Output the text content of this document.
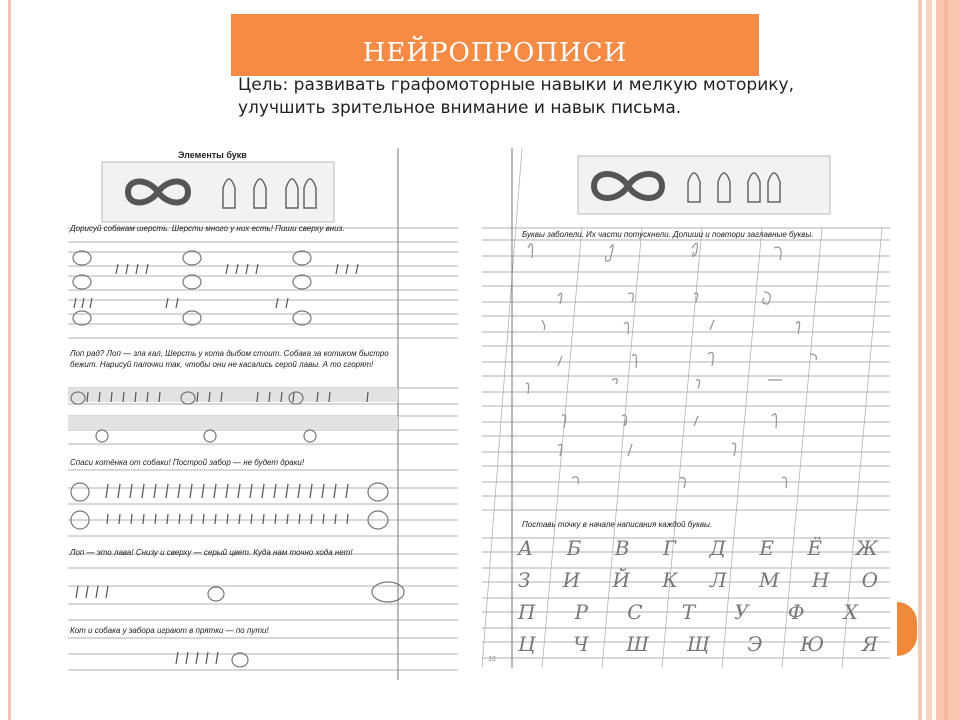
НЕЙРОПРОПИСИ
Цель: развивать графомоторные навыки и мелкую моторику, улучшить зрительное внимание и навык письма.
Элементы букв
Дорисуй собакам шерсть. Шерсти много у них есть! Пиши сверху вниз.
Лоп рад? Лоп — зла кал, Шерсть у кота дыбом стоит. Собака за котиком быстро бежит. Нарисуй палочки так, чтобы они не касались серой лавы. А то сгорят!
Спаси котёнка от собаки! Построй забор — не будет драки!
Лоп — это лава! Снизу и сверху — серый цвет. Куда нам точно хода нет!
Кот и собака у забора играют в прятки — по пути!
Буквы заболели. Их части потускнели. Допиши и повтори заглавные буквы.
Поставь точку в начале написания каждой буквы.
А Б В Г Д Е Ё Ж
З И Й К Л М Н О
П Р С Т У Ф Х
Ц Ч Ш Щ Э Ю Я
16
